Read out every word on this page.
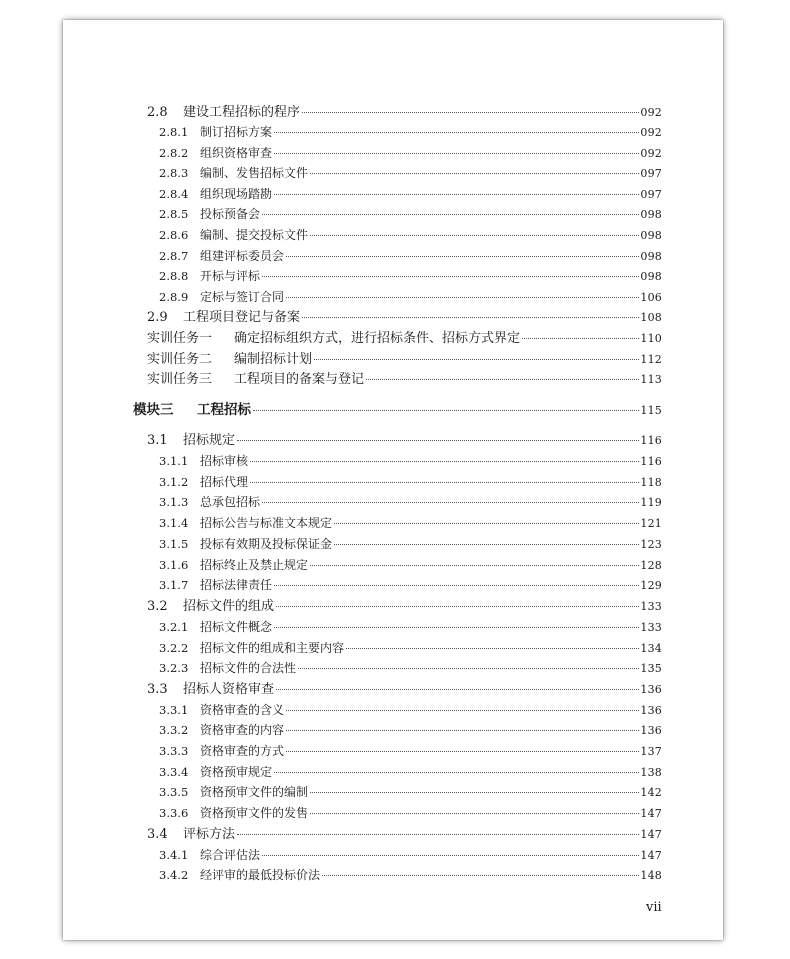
2.8	建设工程招标的程序	092
2.8.1 制订招标方案	092
2.8.2 组织资格审查	092
2.8.3 编制、发售招标文件	097
2.8.4 组织现场踏勘	097
2.8.5 投标预备会	098
2.8.6 编制、提交投标文件	098
2.8.7 组建评标委员会	098
2.8.8 开标与评标	098
2.8.9 定标与签订合同	106
2.9	工程项目登记与备案	108
实训任务一	确定招标组织方式，进行招标条件、招标方式界定	110
实训任务二	编制招标计划	112
实训任务三	工程项目的备案与登记	113
模块三	工程招标	115
3.1	招标规定	116
3.1.1 招标审核	116
3.1.2 招标代理	118
3.1.3 总承包招标	119
3.1.4 招标公告与标准文本规定	121
3.1.5 投标有效期及投标保证金	123
3.1.6 招标终止及禁止规定	128
3.1.7 招标法律责任	129
3.2	招标文件的组成	133
3.2.1 招标文件概念	133
3.2.2 招标文件的组成和主要内容	134
3.2.3 招标文件的合法性	135
3.3	招标人资格审查	136
3.3.1 资格审查的含义	136
3.3.2 资格审查的内容	136
3.3.3 资格审查的方式	137
3.3.4 资格预审规定	138
3.3.5 资格预审文件的编制	142
3.3.6 资格预审文件的发售	147
3.4	评标方法	147
3.4.1 综合评估法	147
3.4.2 经评审的最低投标价法	148
vii
